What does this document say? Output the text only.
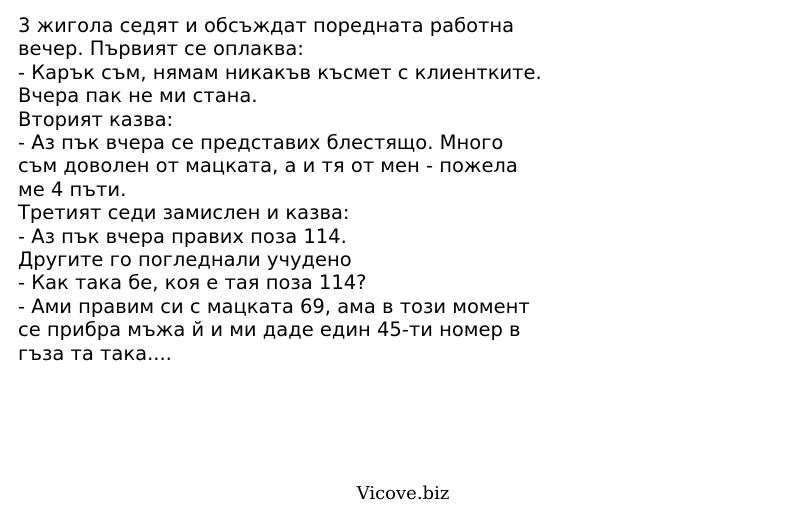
3 жигола седят и обсъждат поредната работна
вечер. Първият се оплаква:
- Карък съм, нямам никакъв късмет с клиентките.
Вчера пак не ми стана.
Вторият казва:
- Аз пък вчера се представих блестящо. Много
съм доволен от мацката, а и тя от мен - пожела
ме 4 пъти.
Третият седи замислен и казва:
- Аз пък вчера правих поза 114.
Другите го погледнали учудено
- Как така бе, коя е тая поза 114?
- Ами правим си с мацката 69, ама в този момент
се прибра мъжа й и ми даде един 45-ти номер в
гъза та така....
Vicove.biz
